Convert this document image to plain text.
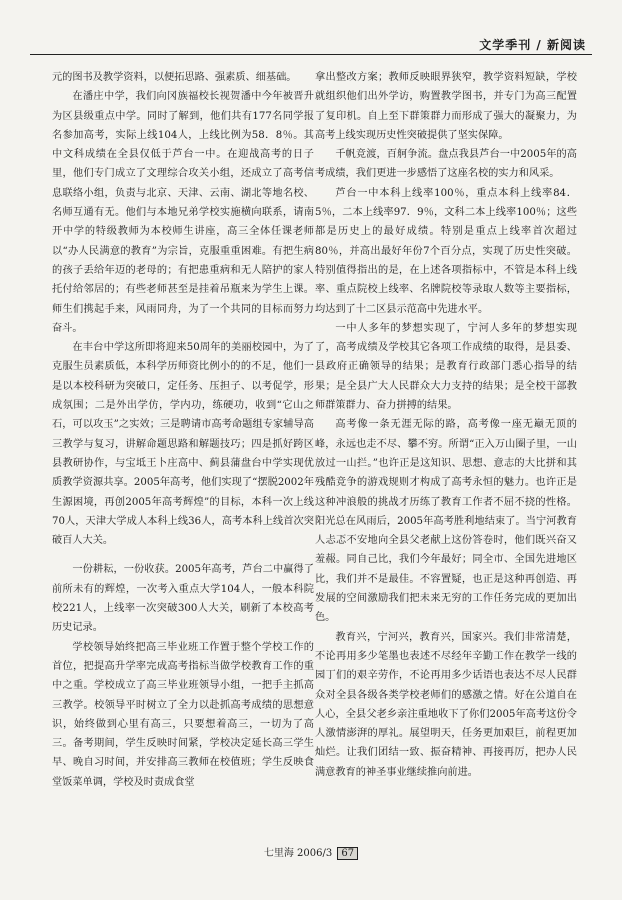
文学季刊 / 新阅读

元的图书及教学资料，以便拓思路、强素质、细基础。

在潘庄中学，我们向冈族福校长视贺潘中今年被晋升为区县级重点中学。同时了解到，他们共有177名同学报名参加高考，实际上线104人，上线比例为58．8％。其中文科成绩在全县仅低于芦台一中。在迎战高考的日子里，他们专门成立了文理综合攻关小组，还成立了高考信息联络小组，负责与北京、天津、云南、湖北等地名校、名师互通有无。他们与本地兄弟学校实施横向联系，请南开中学的特级教师为本校师生讲座，高三全体任课老师以“办人民满意的教育”为宗旨，克服重重困难。有把生病的孩子丢给年迈的老母的；有把患重病和无人陪护的家人托付给邻居的；有些老师甚至是挂着吊瓶来为学生上课。师生们携起手来，风雨同舟，为了一个共同的目标而努力奋斗。

在丰台中学这所即将迎来50周年的美丽校园中，为了克服生员素质低，本科学历师资比例小的的不足，他们一是以本校科研为突破口，定任务、压担子、以考促学，形成氛围；二是外出学仿，学内功，练硬功，收到“它山之石，可以攻玉”之实效；三是聘请市高考命题组专家辅导高三教学与复习，讲解命题思路和解题技巧；四是抓好跨区县教研协作，与宝坻王卜庄高中、蓟县蒲盘台中学实现优质教学资源共享。2005年高考，他们实现了“摆脱2002年生源困境，再创2005年高考辉煌”的目标，本科一次上线70人，天津大学成人本科上线36人，高考本科上线首次突破百人大关。

一份耕耘，一份收获。2005年高考，芦台二中赢得了前所未有的辉煌，一次考入重点大学104人，一般本科院校221人，上线率一次突破300人大关，刷新了本校高考历史记录。

学校领导始终把高三毕业班工作置于整个学校工作的首位，把提高升学率完成高考指标当做学校教育工作的重中之重。学校成立了高三毕业班领导小组，一把手主抓高三教学。校领导平时树立了全力以赴抓高考成绩的思想意识，始终做到心里有高三，只要想着高三，一切为了高三。备考期间，学生反映时间紧，学校决定延长高三学生早、晚自习时间，并安排高三教师在校值班；学生反映食堂饭菜单调，学校及时责成食堂

拿出整改方案；教师反映眼界狭窄，教学资料短缺，学校就组织他们出外学访，购置教学图书，并专门为高三配置了复印机。自上至下群策群力而形成了强大的凝聚力，为高考上线实现历史性突破提供了坚实保障。

千帆竞渡，百舸争流。盘点我县芦台一中2005年的高考成绩，我们更进一步感悟了这座名校的实力和风采。

芦台一中本科上线率100％，重点本科上线率84．5％，二本上线率97．9％，文科二本上线率100％；这些都是历史上的最好成绩。特别是重点上线率首次超过80％，并高出最好年份7个百分点，实现了历史性突破。特别值得指出的是，在上述各项指标中，不管是本科上线率、重点院校上线率、名牌院校等录取人数等主要指标，均达到了十二区县示范高中先进水平。

一中人多年的梦想实现了，宁河人多年的梦想实现了，高考成绩及学校其它各项工作成绩的取得，是县委、县政府正确领导的结果；是教育行政部门悉心指导的结果；是全县广大人民群众大力支持的结果；是全校干部教师群策群力、奋力拼搏的结果。

高考像一条无涯无际的路，高考像一座无巅无顶的峰，永远也走不尽、攀不穷。所谓“正入万山圈子里，一山放过一山拦。”也许正是这知识、思想、意志的大比拼和其残酷竞争的游戏规则才构成了高考永恒的魅力。也许正是这种冲浪般的挑战才历练了教育工作者不屈不挠的性格。阳光总在风雨后，2005年高考胜利地结束了。当宁河教育人忐忑不安地向全县父老献上这份答卷时，他们既兴奋又羞赧。同自己比，我们今年最好；同全市、全国先进地区比，我们并不是最佳。不容置疑，也正是这种再创造、再发展的空间激励我们把未来无穷的工作任务完成的更加出色。

教育兴，宁河兴，教育兴，国家兴。我们非常清楚，不论再用多少笔墨也表述不尽经年辛勤工作在教学一线的园丁们的艰辛劳作，不论再用多少话语也表达不尽人民群众对全县各级各类学校老师们的感激之情。好在公道自在人心，全县父老乡亲注重地收下了你们2005年高考这份令人激情澎湃的厚礼。展望明天，任务更加艰巨，前程更加灿烂。让我们团结一致、振奋精神、再接再厉，把办人民满意教育的神圣事业继续推向前进。

七里海 2006/3 67
